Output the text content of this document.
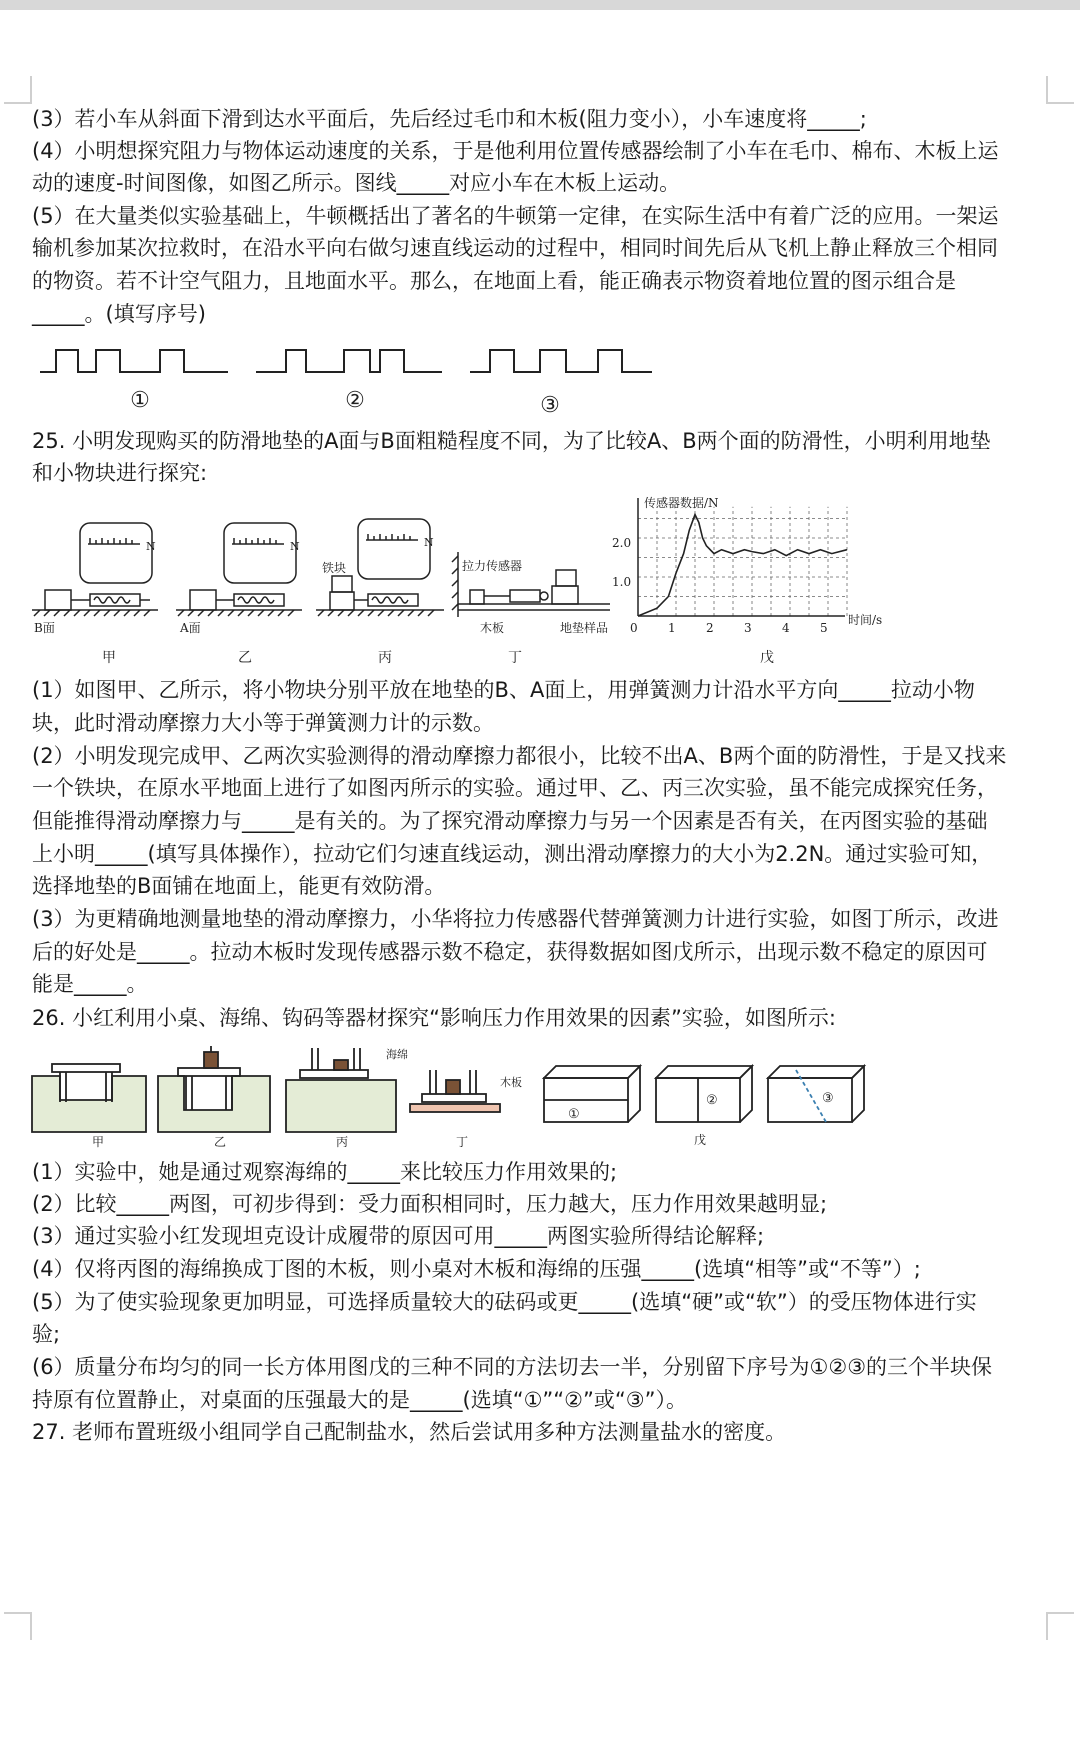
(3）若小车从斜面下滑到达水平面后，先后经过毛巾和木板(阻力变小），小车速度将_____;
(4）小明想探究阻力与物体运动速度的关系，于是他利用位置传感器绘制了小车在毛巾、棉布、木板上运
动的速度-时间图像，如图乙所示。图线_____对应小车在木板上运动。
(5）在大量类似实验基础上，牛顿概括出了著名的牛顿第一定律，在实际生活中有着广泛的应用。一架运
输机参加某次拉救时，在沿水平向右做匀速直线运动的过程中，相同时间先后从飞机上静止释放三个相同
的物资。若不计空气阻力，且地面水平。那么，在地面上看，能正确表示物资着地位置的图示组合是
_____。(填写序号)
25. 小明发现购买的防滑地垫的A面与B面粗糙程度不同，为了比较A、B两个面的防滑性，小明利用地垫
和小物块进行探究:
(1）如图甲、乙所示，将小物块分别平放在地垫的B、A面上，用弹簧测力计沿水平方向_____拉动小物
块，此时滑动摩擦力大小等于弹簧测力计的示数。
(2）小明发现完成甲、乙两次实验测得的滑动摩擦力都很小，比较不出A、B两个面的防滑性，于是又找来
一个铁块，在原水平地面上进行了如图丙所示的实验。通过甲、乙、丙三次实验，虽不能完成探究任务，
但能推得滑动摩擦力与_____是有关的。为了探究滑动摩擦力与另一个因素是否有关，在丙图实验的基础
上小明_____(填写具体操作），拉动它们匀速直线运动，测出滑动摩擦力的大小为2.2N。通过实验可知，
选择地垫的B面铺在地面上，能更有效防滑。
(3）为更精确地测量地垫的滑动摩擦力，小华将拉力传感器代替弹簧测力计进行实验，如图丁所示，改进
后的好处是_____。拉动木板时发现传感器示数不稳定，获得数据如图戊所示，出现示数不稳定的原因可
能是_____。
26. 小红利用小桌、海绵、钩码等器材探究“影响压力作用效果的因素”实验，如图所示:
(1）实验中，她是通过观察海绵的_____来比较压力作用效果的;
(2）比较_____两图，可初步得到：受力面积相同时，压力越大，压力作用效果越明显;
(3）通过实验小红发现坦克设计成履带的原因可用_____两图实验所得结论解释;
(4）仅将丙图的海绵换成丁图的木板，则小桌对木板和海绵的压强_____(选填“相等”或“不等”）;
(5）为了使实验现象更加明显，可选择质量较大的砝码或更_____(选填“硬”或“软”）的受压物体进行实
验;
(6）质量分布均匀的同一长方体用图戊的三种不同的方法切去一半，分别留下序号为①②③的三个半块保
持原有位置静止，对桌面的压强最大的是_____(选填“①”“②”或“③”）。
27. 老师布置班级小组同学自己配制盐水，然后尝试用多种方法测量盐水的密度。
①	②	③
N	N	N
B面	A面
铁块	拉力传感器
木板	地垫样品
甲	乙	丙	丁	戊
传感器数据/N
时间/s
1.0
2.0
0	1	2	3	4	5
海绵
木板
①
②	③
甲	乙	丙	丁	戊
